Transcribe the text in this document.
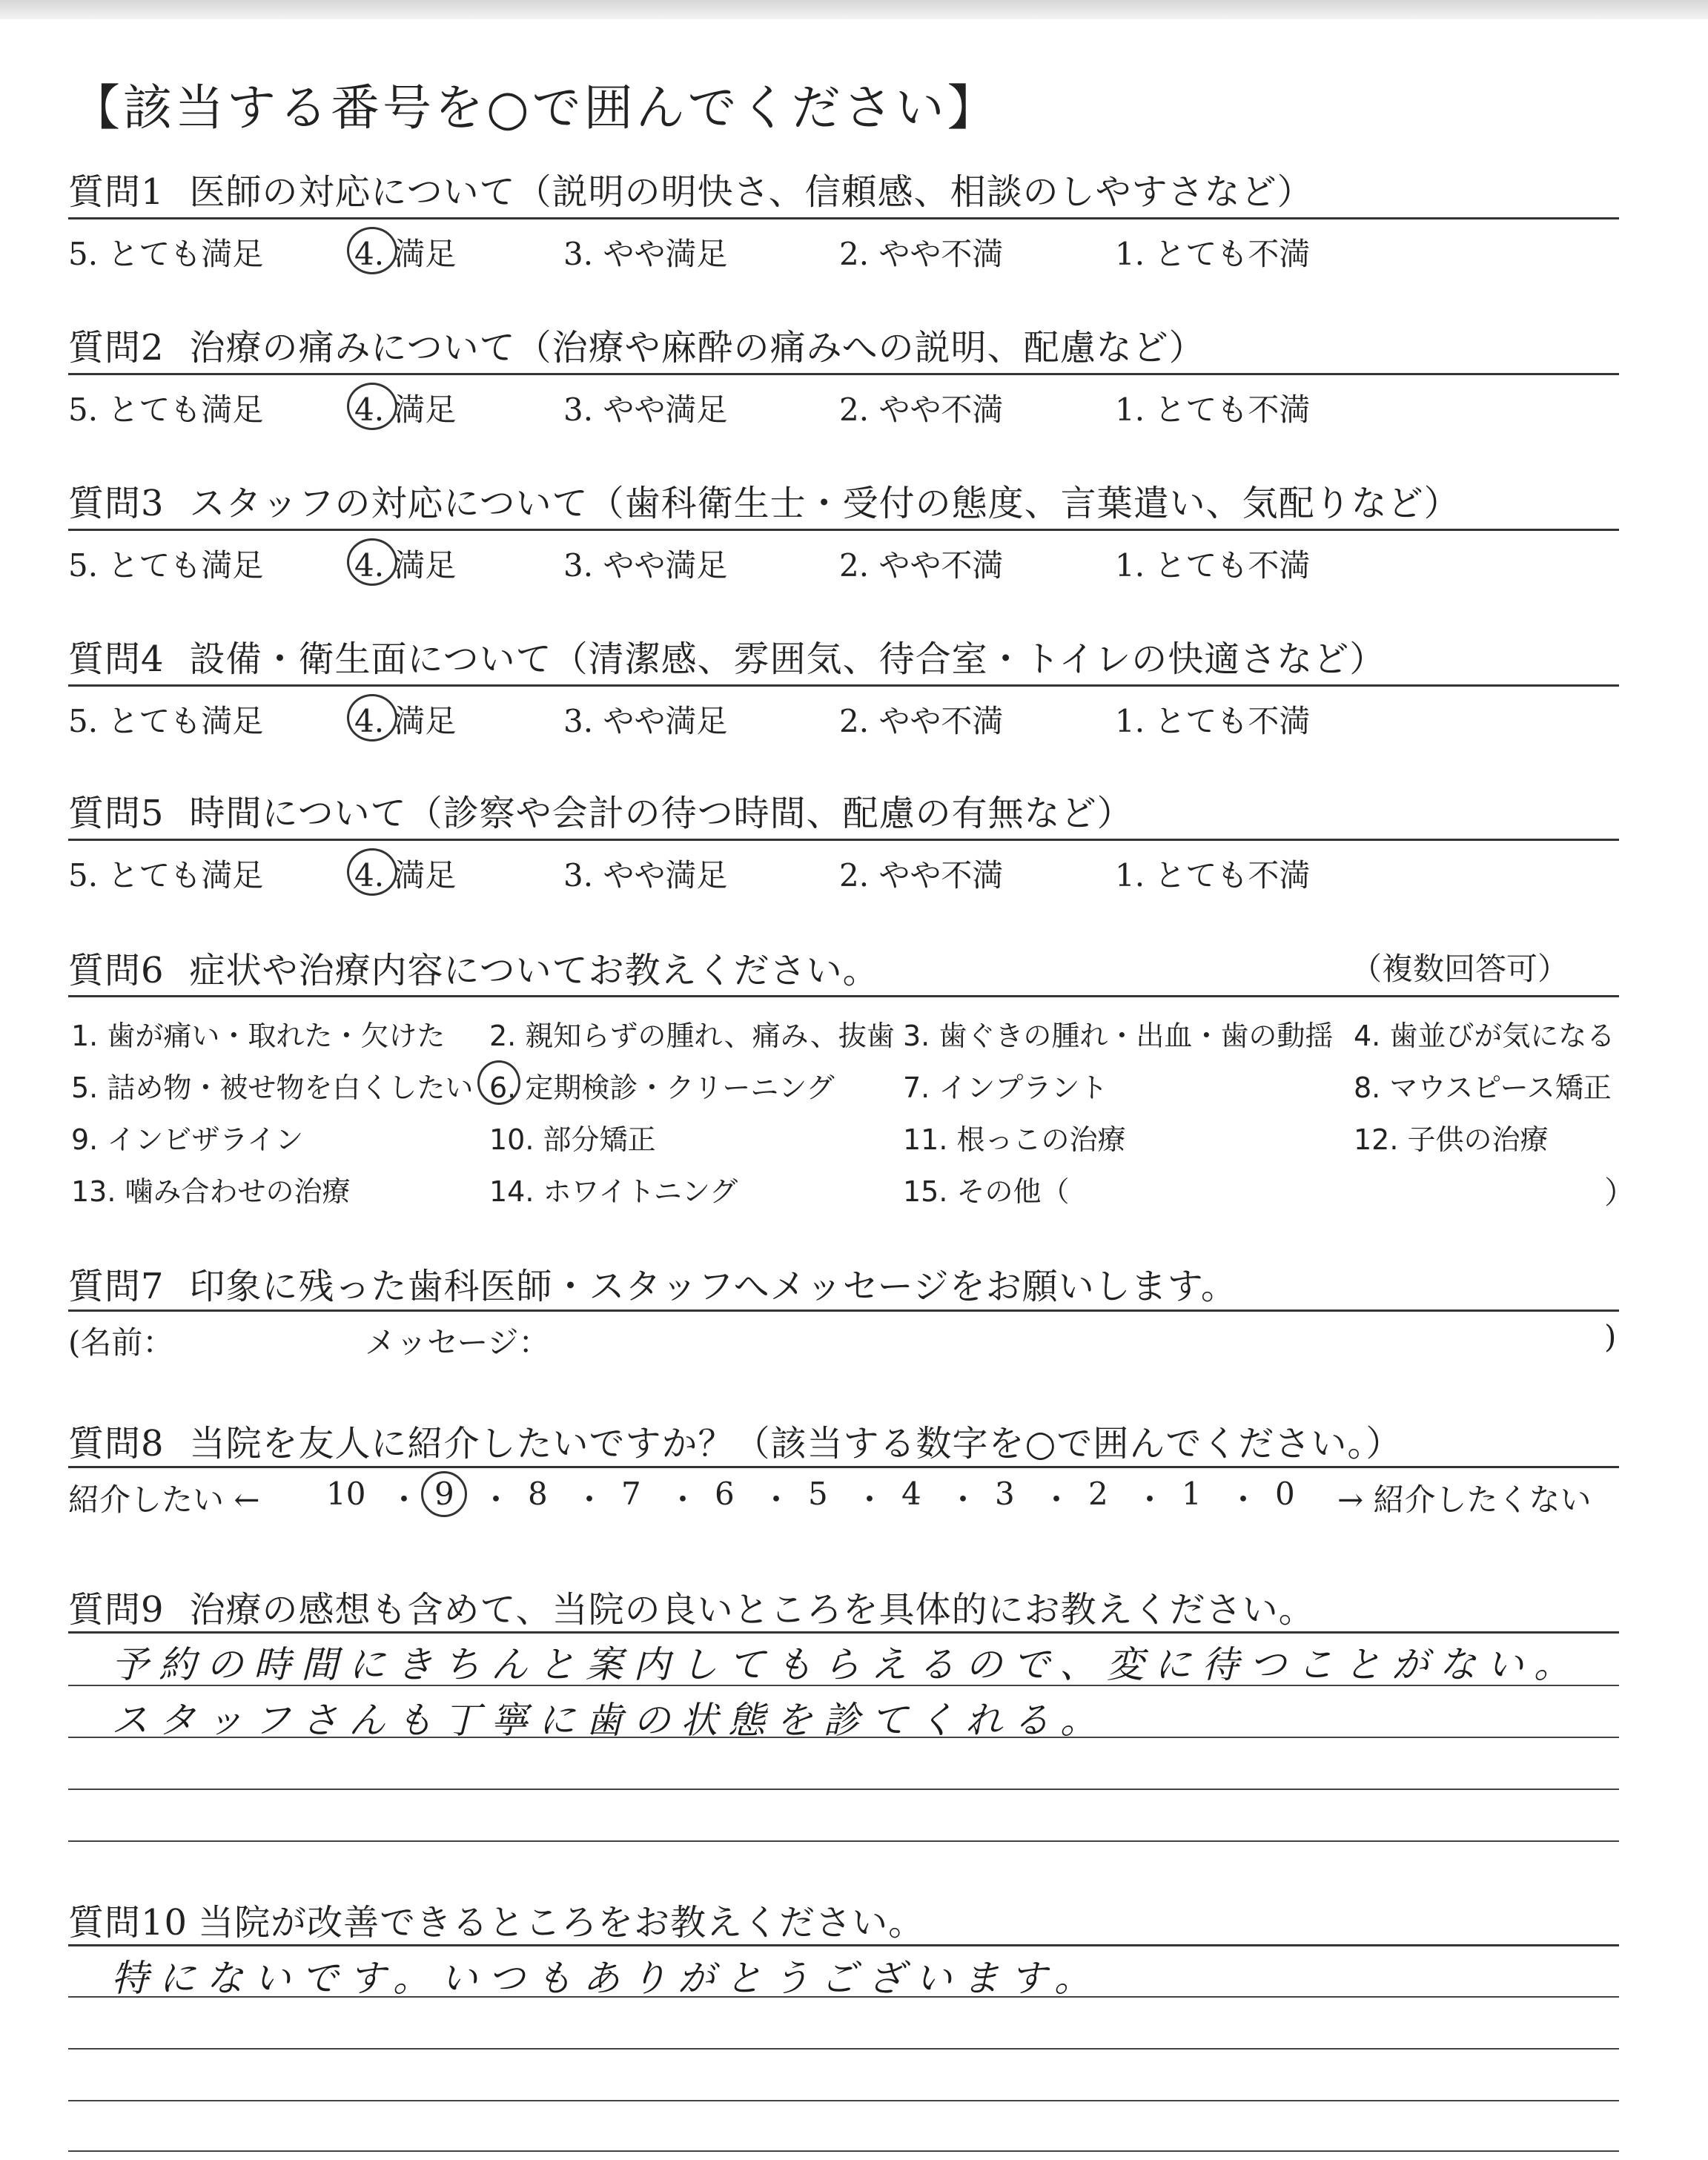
【該当する番号を○で囲んでください】
質問1 医師の対応について（説明の明快さ、信頼感、相談のしやすさなど）
質問2 治療の痛みについて（治療や麻酔の痛みへの説明、配慮など）
質問3 スタッフの対応について（歯科衛生士・受付の態度、言葉遣い、気配りなど）
質問4 設備・衛生面について（清潔感、雰囲気、待合室・トイレの快適さなど）
質問5 時間について（診察や会計の待つ時間、配慮の有無など）
5. とても満足	4. 満足	3. やや満足	2. やや不満	1. とても不満
5. とても満足	4. 満足	3. やや満足	2. やや不満	1. とても不満
5. とても満足	4. 満足	3. やや満足	2. やや不満	1. とても不満
5. とても満足	4. 満足	3. やや満足	2. やや不満	1. とても不満
5. とても満足	4. 満足	3. やや満足	2. やや不満	1. とても不満
質問6 症状や治療内容についてお教えください。	（複数回答可）
1. 歯が痛い・取れた・欠けた 2. 親知らずの腫れ、痛み、抜歯 3. 歯ぐきの腫れ・出血・歯の動揺 4. 歯並びが気になる
5. 詰め物・被せ物を白くしたい 6. 定期検診・クリーニング 7. インプラント	8. マウスピース矯正
9. インビザライン	10. 部分矯正	11. 根っこの治療	12. 子供の治療
13. 噛み合わせの治療	14. ホワイトニング	15. その他（	）
質問7 印象に残った歯科医師・スタッフへメッセージをお願いします。
(名前：	メッセージ：	)
質問8 当院を友人に紹介したいですか？（該当する数字を○で囲んでください。）
紹介したい ← 10 ・ 9 ・ 8 ・ 7 ・ 6 ・ 5 ・ 4 ・ 3 ・ 2 ・ 1 ・ 0 → 紹介したくない
質問9 治療の感想も含めて、当院の良いところを具体的にお教えください。
予約の時間にきちんと案内してもらえるので、変に待つことがない。
スタッフさんも丁寧に歯の状態を診てくれる。
質問10 当院が改善できるところをお教えください。
特にないです。いつもありがとうございます。
